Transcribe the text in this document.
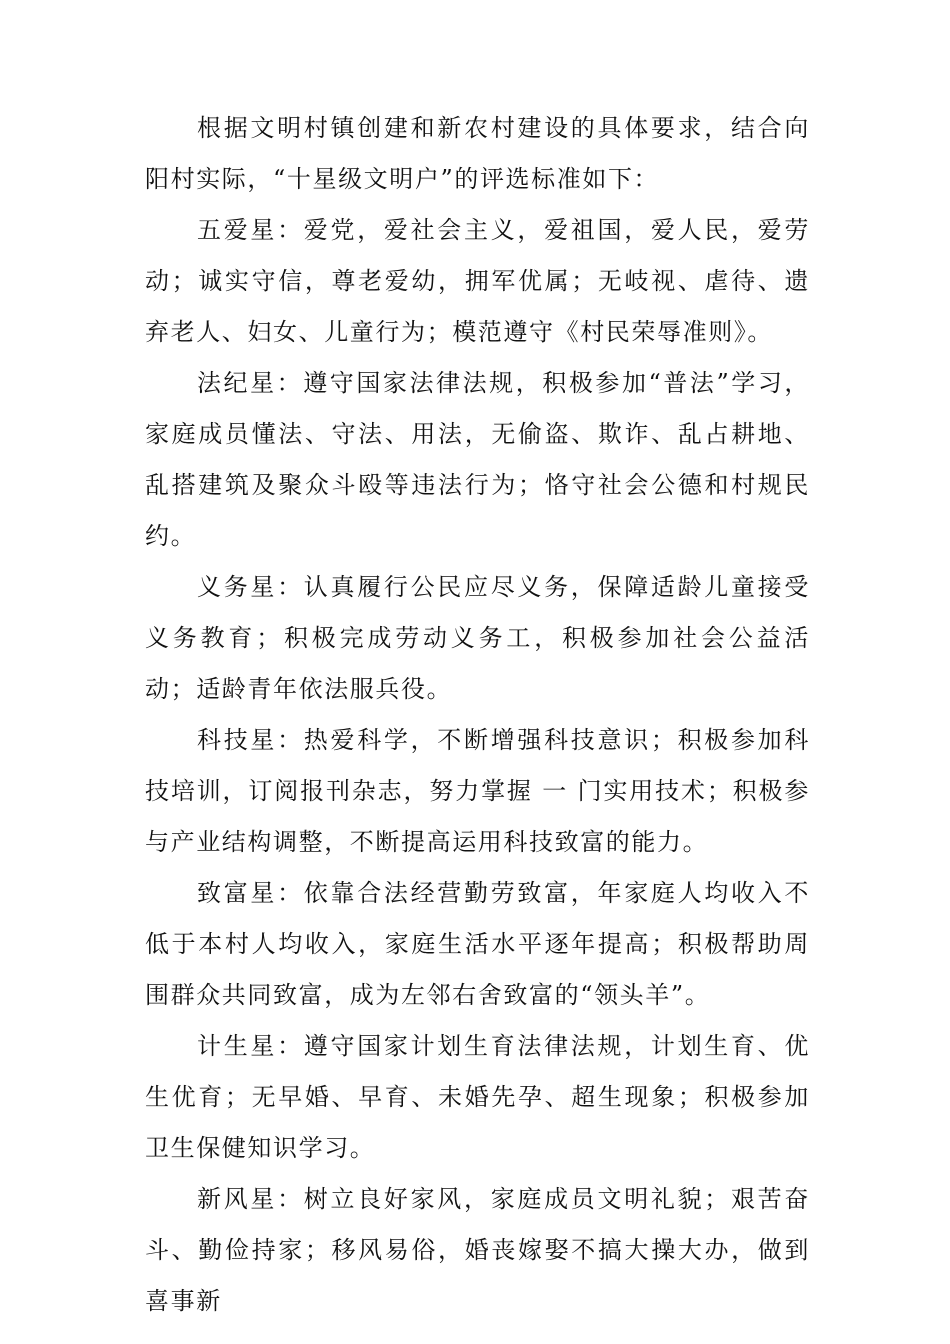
根据文明村镇创建和新农村建设的具体要求，结合向阳村实际，“十星级文明户”的评选标准如下：

五爱星：爱党，爱社会主义，爱祖国，爱人民，爱劳动；诚实守信，尊老爱幼，拥军优属；无岐视、虐待、遗弃老人、妇女、儿童行为；模范遵守《村民荣辱准则》。

法纪星：遵守国家法律法规，积极参加“普法”学习，家庭成员懂法、守法、用法，无偷盗、欺诈、乱占耕地、乱搭建筑及聚众斗殴等违法行为；恪守社会公德和村规民约。

义务星：认真履行公民应尽义务，保障适龄儿童接受义务教育；积极完成劳动义务工，积极参加社会公益活动；适龄青年依法服兵役。

科技星：热爱科学，不断增强科技意识；积极参加科技培训，订阅报刊杂志，努力掌握 一 门实用技术；积极参与产业结构调整，不断提高运用科技致富的能力。

致富星：依靠合法经营勤劳致富，年家庭人均收入不低于本村人均收入，家庭生活水平逐年提高；积极帮助周围群众共同致富，成为左邻右舍致富的“领头羊”。

计生星：遵守国家计划生育法律法规，计划生育、优生优育；无早婚、早育、未婚先孕、超生现象；积极参加卫生保健知识学习。

新风星：树立良好家风，家庭成员文明礼貌；艰苦奋斗、勤俭持家；移风易俗，婚丧嫁娶不搞大操大办，做到喜事新
